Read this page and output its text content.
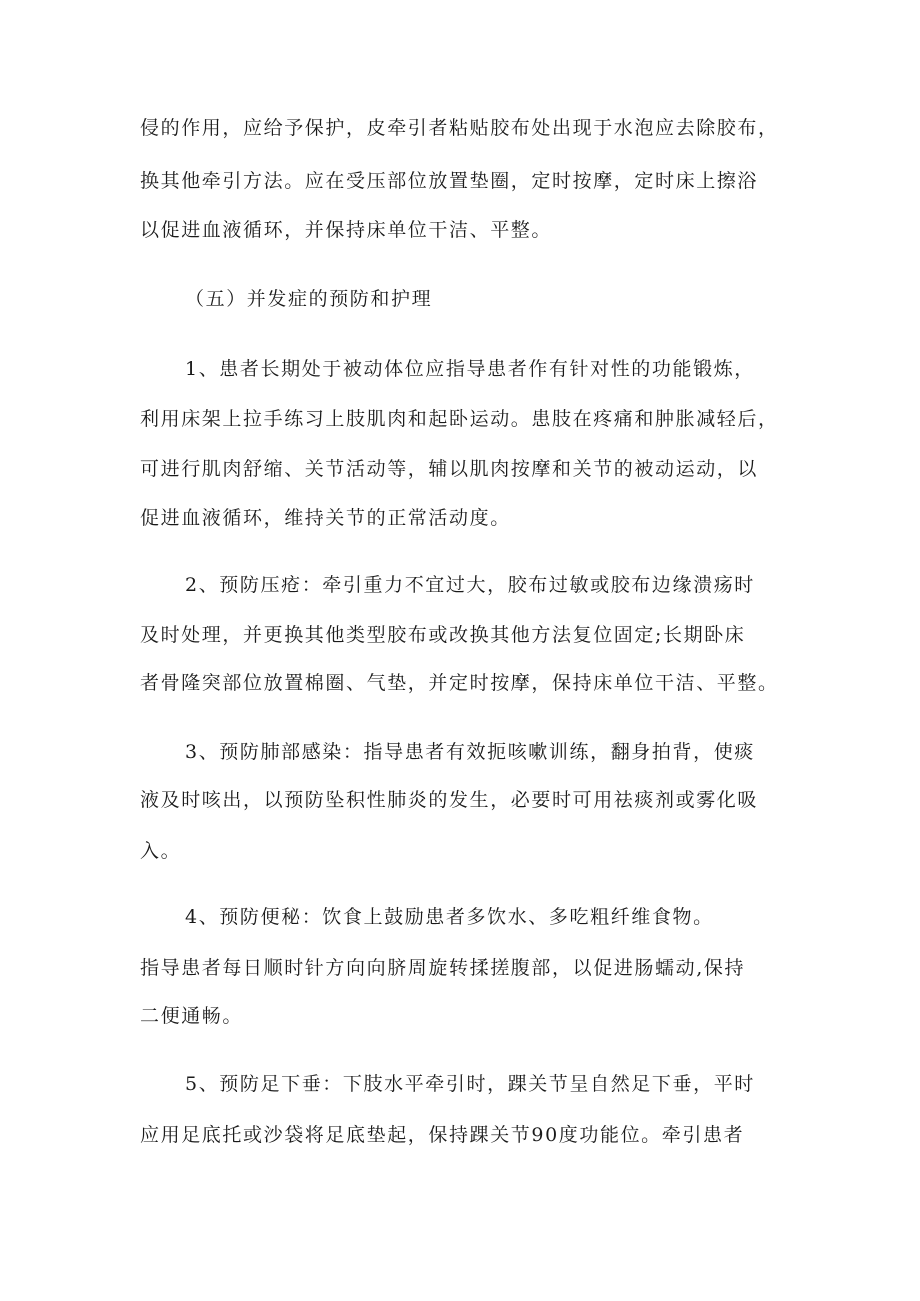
侵的作用，应给予保护，皮牵引者粘贴胶布处出现于水泡应去除胶布，
换其他牵引方法。应在受压部位放置垫圈，定时按摩，定时床上擦浴
以促进血液循环，并保持床单位干洁、平整。
（五）并发症的预防和护理
1、患者长期处于被动体位应指导患者作有针对性的功能锻炼，
利用床架上拉手练习上肢肌肉和起卧运动。患肢在疼痛和肿胀减轻后，
可进行肌肉舒缩、关节活动等，辅以肌肉按摩和关节的被动运动，以
促进血液循环，维持关节的正常活动度。
2、预防压疮：牵引重力不宜过大，胶布过敏或胶布边缘溃疡时
及时处理，并更换其他类型胶布或改换其他方法复位固定;长期卧床
者骨隆突部位放置棉圈、气垫，并定时按摩，保持床单位干洁、平整。
3、预防肺部感染：指导患者有效扼咳嗽训练，翻身拍背，使痰
液及时咳出，以预防坠积性肺炎的发生，必要时可用祛痰剂或雾化吸
入。
4、预防便秘：饮食上鼓励患者多饮水、多吃粗纤维食物。
指导患者每日顺时针方向向脐周旋转揉搓腹部，以促进肠蠕动,保持
二便通畅。
5、预防足下垂：下肢水平牵引时，踝关节呈自然足下垂，平时
应用足底托或沙袋将足底垫起，保持踝关节90度功能位。牵引患者
